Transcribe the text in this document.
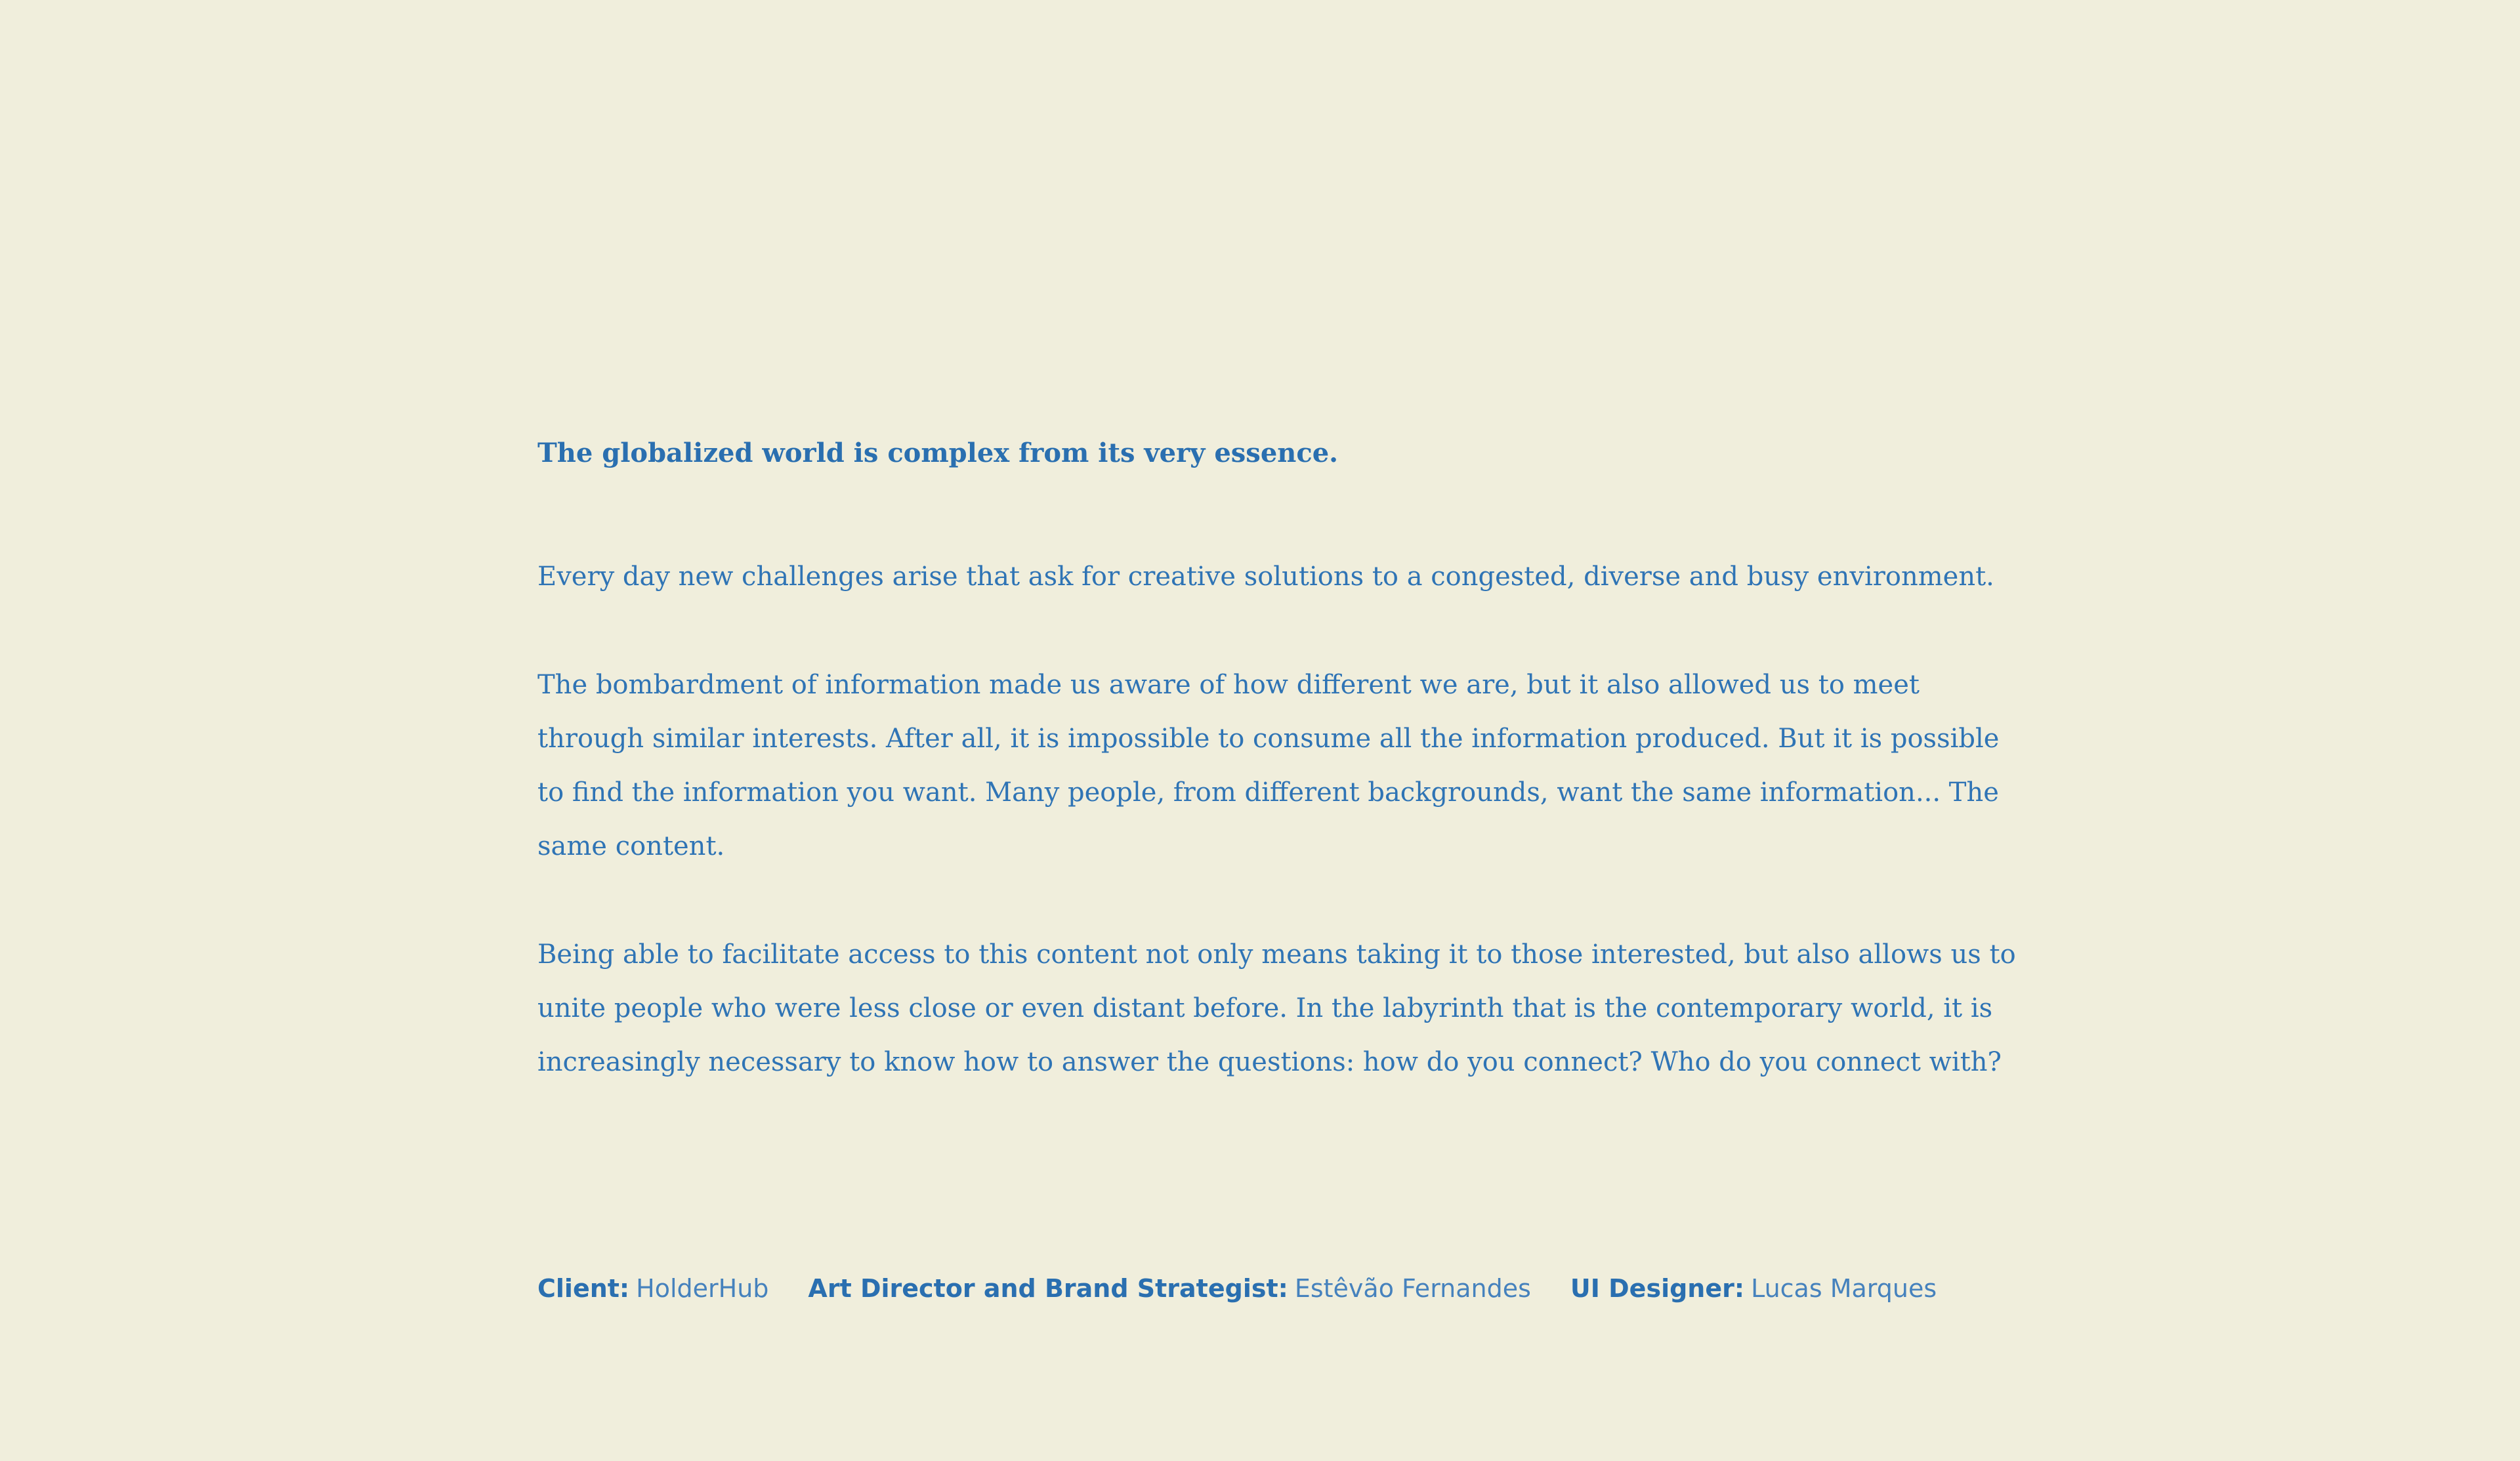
The globalized world is complex from its very essence.

Every day new challenges arise that ask for creative solutions to a congested, diverse and busy environment.

The bombardment of information made us aware of how different we are, but it also allowed us to meet through similar interests. After all, it is impossible to consume all the information produced. But it is possible to find the information you want. Many people, from different backgrounds, want the same information... The same content.

Being able to facilitate access to this content not only means taking it to those interested, but also allows us to unite people who were less close or even distant before. In the labyrinth that is the contemporary world, it is increasingly necessary to know how to answer the questions: how do you connect? Who do you connect with?

Client: HolderHub Art Director and Brand Strategist: Estêvão Fernandes UI Designer: Lucas Marques
